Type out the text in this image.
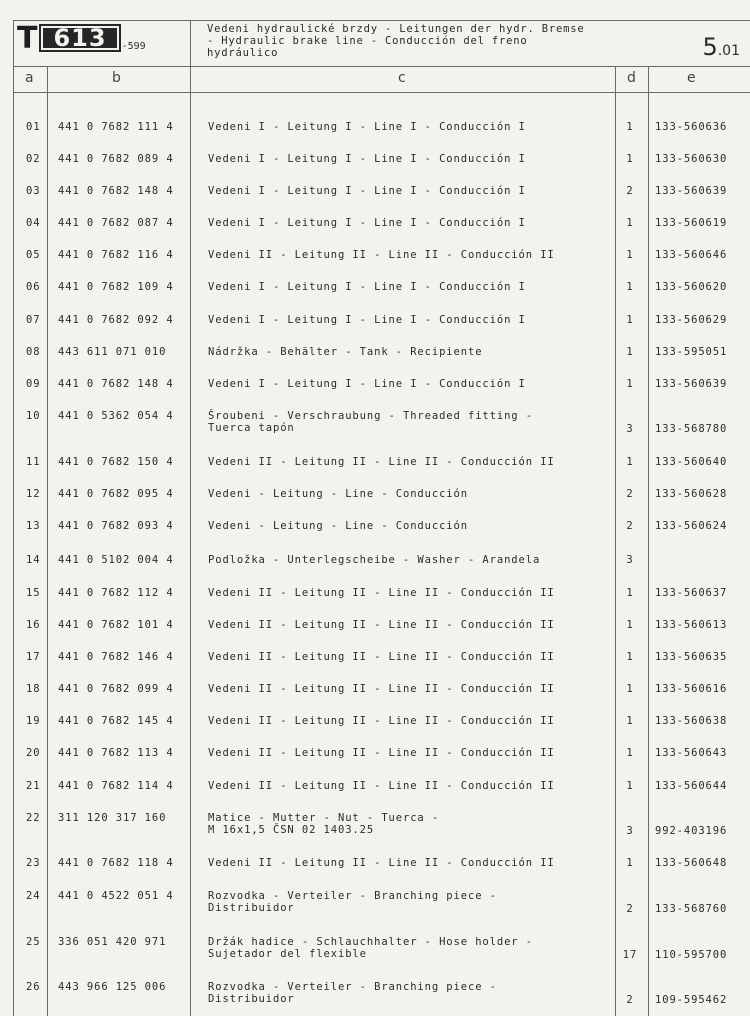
T 613	-599
Vedeni hydraulické brzdy - Leitungen der hydr. Bremse
- Hydraulic brake line - Conducción del freno
hydráulico	5.01
a	b	c	d	e
01 441 0 7682 111 4	Vedeni I - Leitung I - Line I - Conducción I	1	133-560636
02 441 0 7682 089 4	Vedeni I - Leitung I - Line I - Conducción I	1	133-560630
03 441 0 7682 148 4	Vedeni I - Leitung I - Line I - Conducción I	2	133-560639
04 441 0 7682 087 4	Vedeni I - Leitung I - Line I - Conducción I	1	133-560619
05 441 0 7682 116 4	Vedeni II - Leitung II - Line II - Conducción II	1	133-560646
06 441 0 7682 109 4	Vedeni I - Leitung I - Line I - Conducción I	1	133-560620
07 441 0 7682 092 4	Vedeni I - Leitung I - Line I - Conducción I	1	133-560629
08 443 611 071 010	Nádržka - Behälter - Tank - Recipiente	1	133-595051
09 441 0 7682 148 4	Vedeni I - Leitung I - Line I - Conducción I	1	133-560639
10 441 0 5362 054 4	Šroubeni - Verschraubung - Threaded fitting -
Tuerca tapón	3	133-568780
11 441 0 7682 150 4	Vedeni II - Leitung II - Line II - Conducción II	1	133-560640
12 441 0 7682 095 4	Vedeni - Leitung - Line - Conducción	2	133-560628
13 441 0 7682 093 4	Vedeni - Leitung - Line - Conducción	2	133-560624
14 441 0 5102 004 4	Podložka - Unterlegscheibe - Washer - Arandela	3
15 441 0 7682 112 4	Vedeni II - Leitung II - Line II - Conducción II	1	133-560637
16 441 0 7682 101 4	Vedeni II - Leitung II - Line II - Conducción II	1	133-560613
17 441 0 7682 146 4	Vedeni II - Leitung II - Line II - Conducción II	1	133-560635
18 441 0 7682 099 4	Vedeni II - Leitung II - Line II - Conducción II	1	133-560616
19 441 0 7682 145 4	Vedeni II - Leitung II - Line II - Conducción II	1	133-560638
20 441 0 7682 113 4	Vedeni II - Leitung II - Line II - Conducción II	1	133-560643
21 441 0 7682 114 4	Vedeni II - Leitung II - Line II - Conducción II	1	133-560644
22 311 120 317 160	Matice - Mutter - Nut - Tuerca -
M 16x1,5 ČSN 02 1403.25	3	992-403196
23 441 0 7682 118 4	Vedeni II - Leitung II - Line II - Conducción II	1	133-560648
24 441 0 4522 051 4	Rozvodka - Verteiler - Branching piece -
Distribuidor	2	133-568760
25 336 051 420 971	Držák hadice - Schlauchhalter - Hose holder -
Sujetador del flexible	17	110-595700
26 443 966 125 006	Rozvodka - Verteiler - Branching piece -
Distribuidor	2	109-595462
